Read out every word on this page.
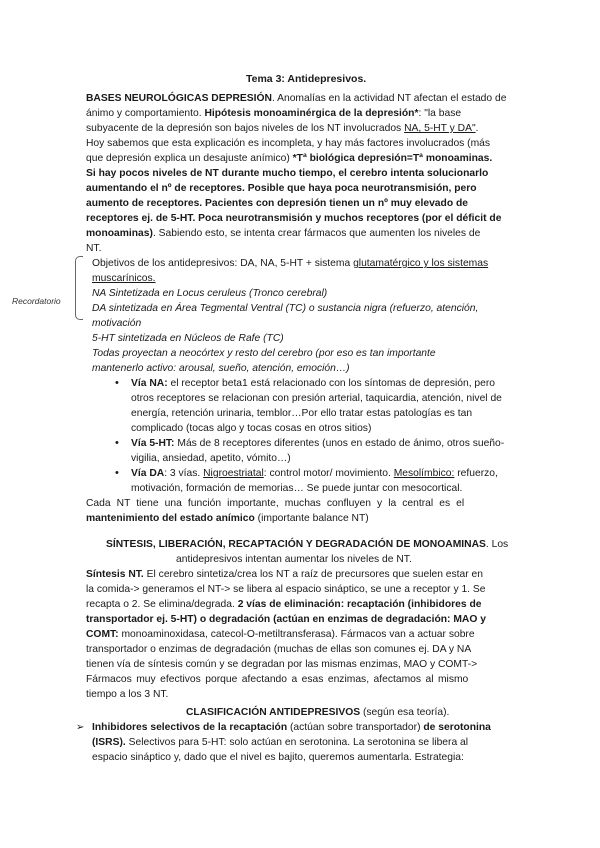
Tema 3: Antidepresivos.
BASES NEUROLÓGICAS DEPRESIÓN. Anomalías en la actividad NT afectan el estado de
ánimo y comportamiento. Hipótesis monoaminérgica de la depresión*: "la base
subyacente de la depresión son bajos niveles de los NT involucrados NA, 5-HT y DA".
Hoy sabemos que esta explicación es incompleta, y hay más factores involucrados (más
que depresión explica un desajuste anímico) *Tª biológica depresión=Tª monoaminas.
Si hay pocos niveles de NT durante mucho tiempo, el cerebro intenta solucionarlo
aumentando el nº de receptores. Posible que haya poca neurotransmisión, pero
aumento de receptores. Pacientes con depresión tienen un nº muy elevado de
receptores ej. de 5-HT. Poca neurotransmisión y muchos receptores (por el déficit de
monoaminas). Sabiendo esto, se intenta crear fármacos que aumenten los niveles de
NT.
Recordatorio
Objetivos de los antidepresivos: DA, NA, 5-HT + sistema glutamatérgico y los sistemas
muscarínicos.
NA Sintetizada en Locus ceruleus (Tronco cerebral)
DA sintetizada en Área Tegmental Ventral (TC) o sustancia nigra (refuerzo, atención,
motivación
5-HT sintetizada en Núcleos de Rafe (TC)
Todas proyectan a neocórtex y resto del cerebro (por eso es tan importante
mantenerlo activo: arousal, sueño, atención, emoción…)
• Vía NA: el receptor beta1 está relacionado con los síntomas de depresión, pero
otros receptores se relacionan con presión arterial, taquicardia, atención, nivel de
energía, retención urinaria, temblor…Por ello tratar estas patologías es tan
complicado (tocas algo y tocas cosas en otros sitios)
• Vía 5-HT: Más de 8 receptores diferentes (unos en estado de ánimo, otros sueño-
vigilia, ansiedad, apetito, vómito…)
• Vía DA: 3 vías. Nigroestriatal: control motor/ movimiento. Mesolímbico: refuerzo,
motivación, formación de memorias… Se puede juntar con mesocortical.
Cada NT tiene una función importante, muchas confluyen y la central es el
mantenimiento del estado anímico (importante balance NT)
SÍNTESIS, LIBERACIÓN, RECAPTACIÓN Y DEGRADACIÓN DE MONOAMINAS. Los
antidepresivos intentan aumentar los niveles de NT.
Síntesis NT. El cerebro sintetiza/crea los NT a raíz de precursores que suelen estar en
la comida-> generamos el NT-> se libera al espacio sináptico, se une a receptor y 1. Se
recapta o 2. Se elimina/degrada. 2 vías de eliminación: recaptación (inhibidores de
transportador ej. 5-HT) o degradación (actúan en enzimas de degradación: MAO y
COMT: monoaminoxidasa, catecol-O-metiltransferasa). Fármacos van a actuar sobre
transportador o enzimas de degradación (muchas de ellas son comunes ej. DA y NA
tienen vía de síntesis común y se degradan por las mismas enzimas, MAO y COMT->
Fármacos muy efectivos porque afectando a esas enzimas, afectamos al mismo
tiempo a los 3 NT.
CLASIFICACIÓN ANTIDEPRESIVOS (según esa teoría).
➢ Inhibidores selectivos de la recaptación (actúan sobre transportador) de serotonina
(ISRS). Selectivos para 5-HT: solo actúan en serotonina. La serotonina se libera al
espacio sináptico y, dado que el nivel es bajito, queremos aumentarla. Estrategia:
